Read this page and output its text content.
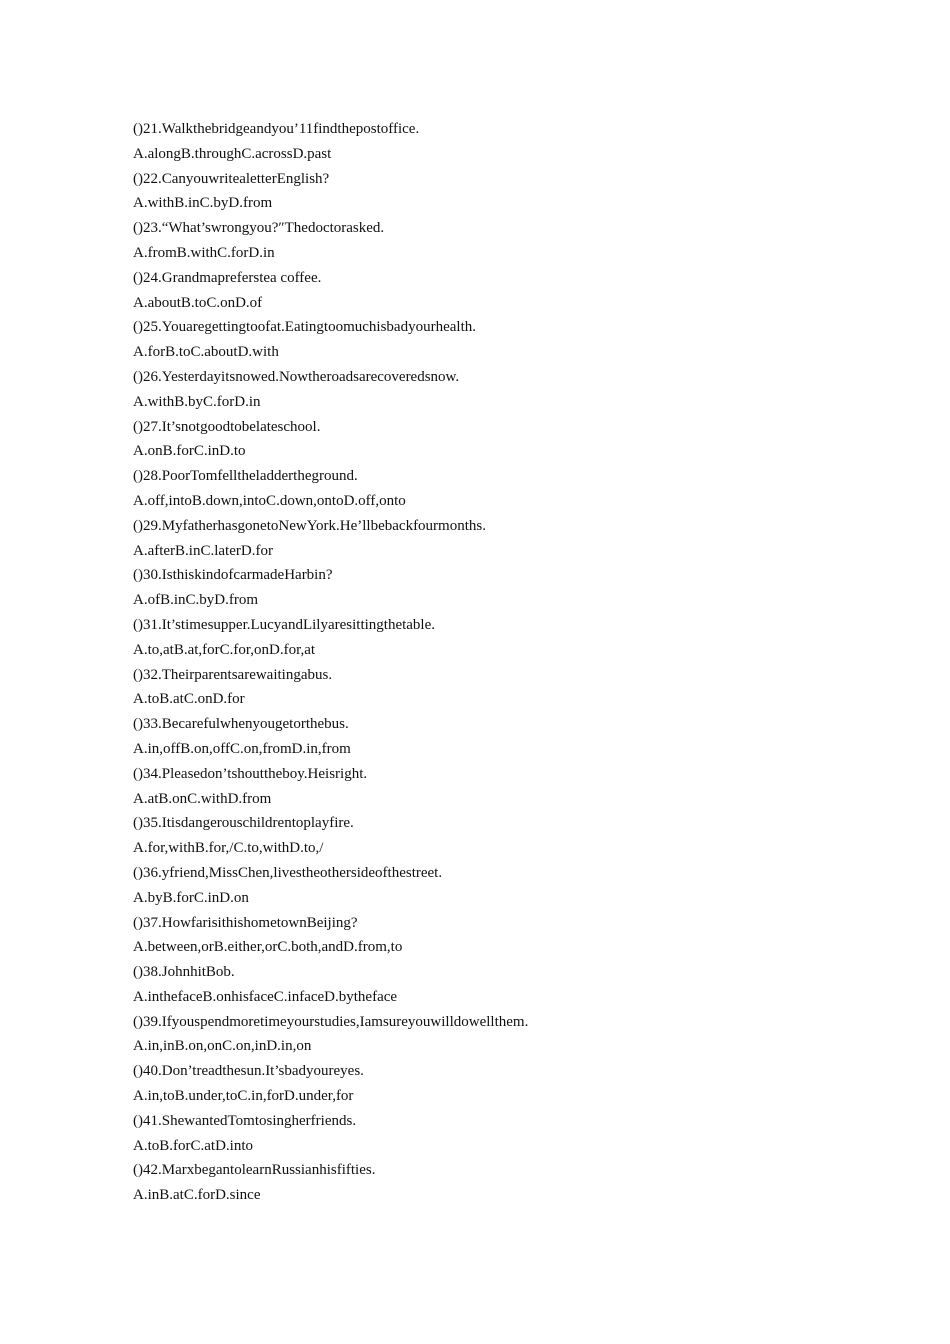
()21.Walkthebridgeandyou’11findthepostoffice.
A.alongB.throughC.acrossD.past
()22.CanyouwritealetterEnglish?
A.withB.inC.byD.from
()23.“What’swrongyou?″Thedoctorasked.
A.fromB.withC.forD.in
()24.Grandmapreferstea coffee.
A.aboutB.toC.onD.of
()25.Youaregettingtoofat.Eatingtoomuchisbadyourhealth.
A.forB.toC.aboutD.with
()26.Yesterdayitsnowed.Nowtheroadsarecoveredsnow.
A.withB.byC.forD.in
()27.It’snotgoodtobelateschool.
A.onB.forC.inD.to
()28.PoorTomfelltheladdertheground.
A.off,intoB.down,intoC.down,ontoD.off,onto
()29.MyfatherhasgonetoNewYork.He’llbebackfourmonths.
A.afterB.inC.laterD.for
()30.IsthiskindofcarmadeHarbin?
A.ofB.inC.byD.from
()31.It’stimesupper.LucyandLilyaresittingthetable.
A.to,atB.at,forC.for,onD.for,at
()32.Theirparentsarewaitingabus.
A.toB.atC.onD.for
()33.Becarefulwhenyougetorthebus.
A.in,offB.on,offC.on,fromD.in,from
()34.Pleasedon’tshouttheboy.Heisright.
A.atB.onC.withD.from
()35.Itisdangerouschildrentoplayfire.
A.for,withB.for,/C.to,withD.to,/
()36.yfriend,MissChen,livestheothersideofthestreet.
A.byB.forC.inD.on
()37.HowfarisithishometownBeijing?
A.between,orB.either,orC.both,andD.from,to
()38.JohnhitBob.
A.inthefaceB.onhisfaceC.infaceD.bytheface
()39.Ifyouspendmoretimeyourstudies,Iamsureyouwilldowellthem.
A.in,inB.on,onC.on,inD.in,on
()40.Don’treadthesun.It’sbadyoureyes.
A.in,toB.under,toC.in,forD.under,for
()41.ShewantedTomtosingherfriends.
A.toB.forC.atD.into
()42.MarxbegantolearnRussianhisfifties.
A.inB.atC.forD.since
